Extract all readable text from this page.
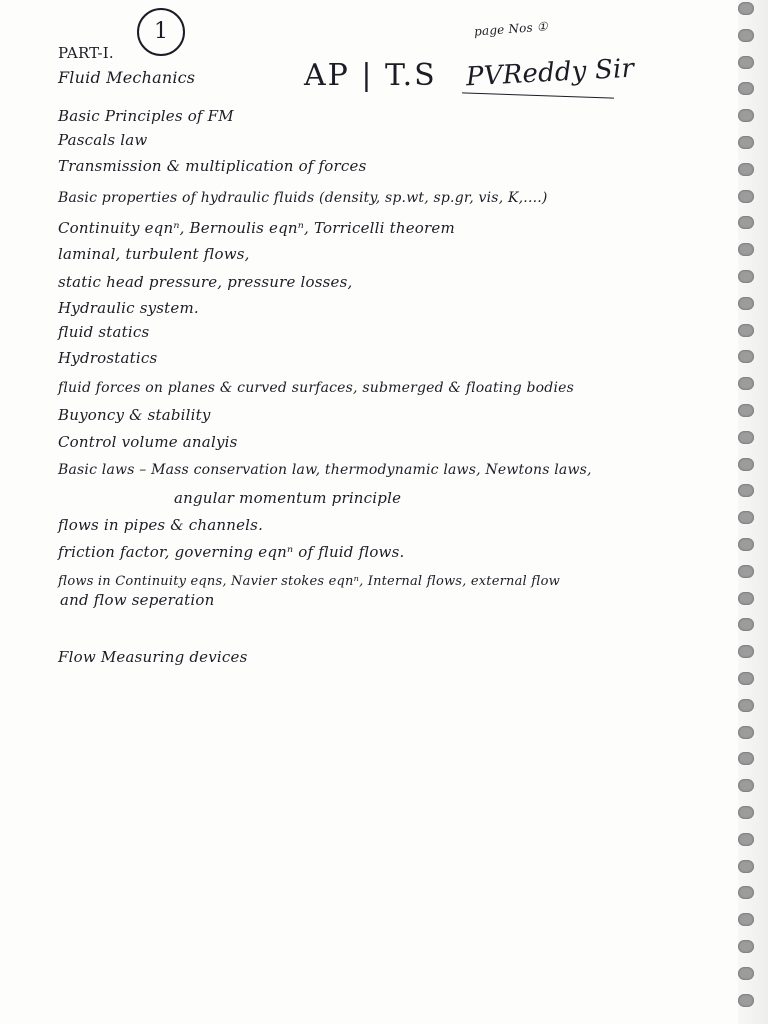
1	page Nos ①

PART-I.

Fluid Mechanics	AP | T.S PVReddy Sir

Basic Principles of FM

Pascals law

Transmission & multiplication of forces

Basic properties of hydraulic fluids (density, sp.wt, sp.gr, vis, K,....)

Continuity eqnⁿ, Bernoulis eqnⁿ, Torricelli theorem

laminal, turbulent flows,

static head pressure, pressure losses,

Hydraulic system.

fluid statics

Hydrostatics

fluid forces on planes & curved surfaces, submerged & floating bodies

Buyoncy & stability

Control volume analyis

Basic laws – Mass conservation law, thermodynamic laws, Newtons laws,

angular momentum principle

flows in pipes & channels.

friction factor, governing eqnⁿ of fluid flows.

flows in Continuity eqns, Navier stokes eqnⁿ, Internal flows, external flow

and flow seperation

Flow Measuring devices
